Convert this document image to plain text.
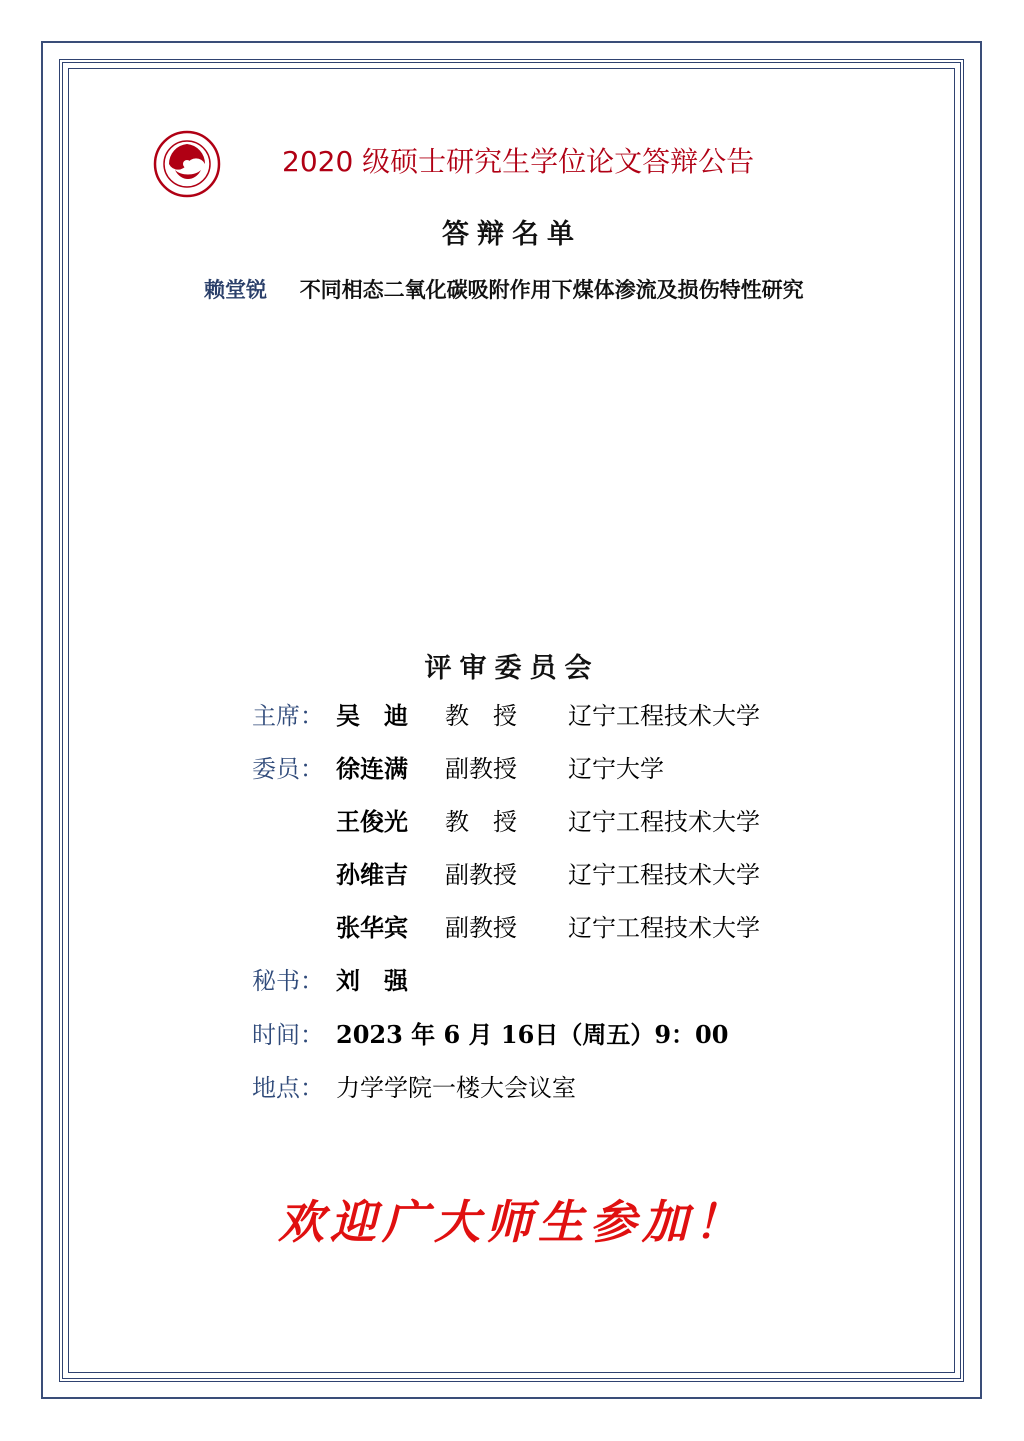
2020 级硕士研究生学位论文答辩公告
答辩名单
赖堂锐 不同相态二氧化碳吸附作用下煤体渗流及损伤特性研究
评审委员会
主席： 吴　迪 教　授 辽宁工程技术大学
委员： 徐连满 副教授 辽宁大学
王俊光 教　授 辽宁工程技术大学
孙维吉 副教授 辽宁工程技术大学
张华宾 副教授 辽宁工程技术大学
秘书： 刘　强
时间： 2023 年 6 月 16日（周五）9：00
地点： 力学学院一楼大会议室
欢迎广大师生参加！
